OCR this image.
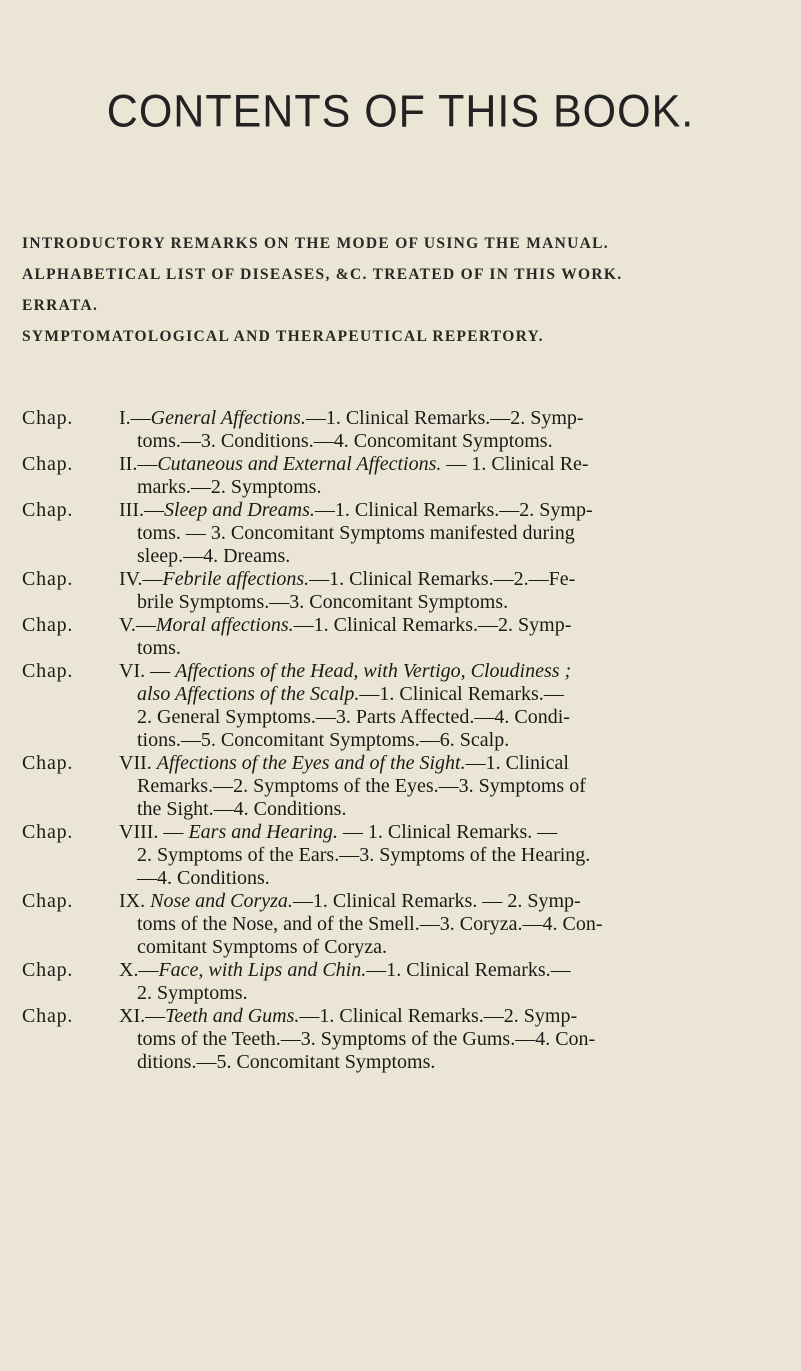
CONTENTS OF THIS BOOK.
INTRODUCTORY REMARKS ON THE MODE OF USING THE MANUAL.
ALPHABETICAL LIST OF DISEASES, &C. TREATED OF IN THIS WORK.
ERRATA.
SYMPTOMATOLOGICAL AND THERAPEUTICAL REPERTORY.
Chap.	I.—General Affections.—1. Clinical Remarks.—2. Symp-
toms.—3. Conditions.—4. Concomitant Symptoms.
Chap.	II.—Cutaneous and External Affections. — 1. Clinical Re-
marks.—2. Symptoms.
Chap.	III.—Sleep and Dreams.—1. Clinical Remarks.—2. Symp-
toms. — 3. Concomitant Symptoms manifested during
sleep.—4. Dreams.
Chap.	IV.—Febrile affections.—1. Clinical Remarks.—2.—Fe-
brile Symptoms.—3. Concomitant Symptoms.
Chap.	V.—Moral affections.—1. Clinical Remarks.—2. Symp-
toms.
Chap.	VI. — Affections of the Head, with Vertigo, Cloudiness ;
also Affections of the Scalp.—1. Clinical Remarks.—
2. General Symptoms.—3. Parts Affected.—4. Condi-
tions.—5. Concomitant Symptoms.—6. Scalp.
Chap.	VII. Affections of the Eyes and of the Sight.—1. Clinical
Remarks.—2. Symptoms of the Eyes.—3. Symptoms of
the Sight.—4. Conditions.
Chap.	VIII. — Ears and Hearing. — 1. Clinical Remarks. —
2. Symptoms of the Ears.—3. Symptoms of the Hearing.
—4. Conditions.
Chap.	IX. Nose and Coryza.—1. Clinical Remarks. — 2. Symp-
toms of the Nose, and of the Smell.—3. Coryza.—4. Con-
comitant Symptoms of Coryza.
Chap.	X.—Face, with Lips and Chin.—1. Clinical Remarks.—
2. Symptoms.
Chap.	XI.—Teeth and Gums.—1. Clinical Remarks.—2. Symp-
toms of the Teeth.—3. Symptoms of the Gums.—4. Con-
ditions.—5. Concomitant Symptoms.
